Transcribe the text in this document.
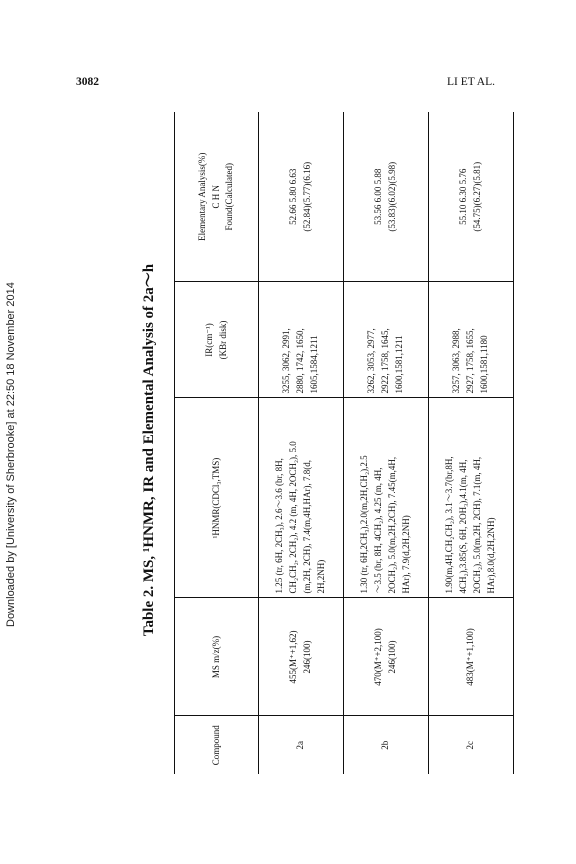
3082	LI ET AL.
Downloaded by [University of Sherbrooke] at 22:50 18 November 2014	Table 2. MS, ¹HNMR, IR and Elemental Analysis of 2a～h
Compound	MS m/z(%)	¹HNMR(CDCl₃,TMS)	IR(cm⁻¹) (KBr disk)	Elementary Analysis(%) C H N Found(Calculated)

2a	455(M⁺+1,62) 246(100)	1.25 (tr, 6H, 2CH₃), 2.6～3.6 (br, 8H, CH₂CH₂, 2CH₂), 4.2 (m, 4H, 2OCH₂), 5.0 (m,2H, 2CH), 7.4(m,4H,HAr), 7.8(d, 2H,2NH)	3255, 3062, 2991, 2880, 1742, 1650, 1605,1584,1211	52.66 5.80 6.63 (52.84)(5.77)(6.16)

2b	470(M⁺+2,100) 246(100)	1.30 (tr, 6H,2CH₃),2.0(m,2H,CH₂),2.5 ～3.5 (br, 8H, 4CH₂), 4.25 (m, 4H, 2OCH₂), 5.0(m,2H,2CH), 7.45(m,4H, HAr), 7.9(d,2H,2NH)	3262, 3053, 2977, 2922, 1758, 1645, 1600,1581,1211	53.56 6.00 5.88 (53.83)(6.02)(5.98)

2c	483(M⁺+1,100)	1.90(m,4H,CH₂CH₂), 3.1～3.7(br,8H, 4CH₂),3.85(S, 6H, 2OH₃),4.1(m, 4H, 2OCH₂), 5.0(m,2H, 2CH), 7.1(m, 4H, HAr),8.0(d,2H,2NH)	3257, 3063, 2988, 2927, 1758, 1655, 1600,1581,1180	55.10 6.30 5.76 (54.75)(6.27)(5.81)
